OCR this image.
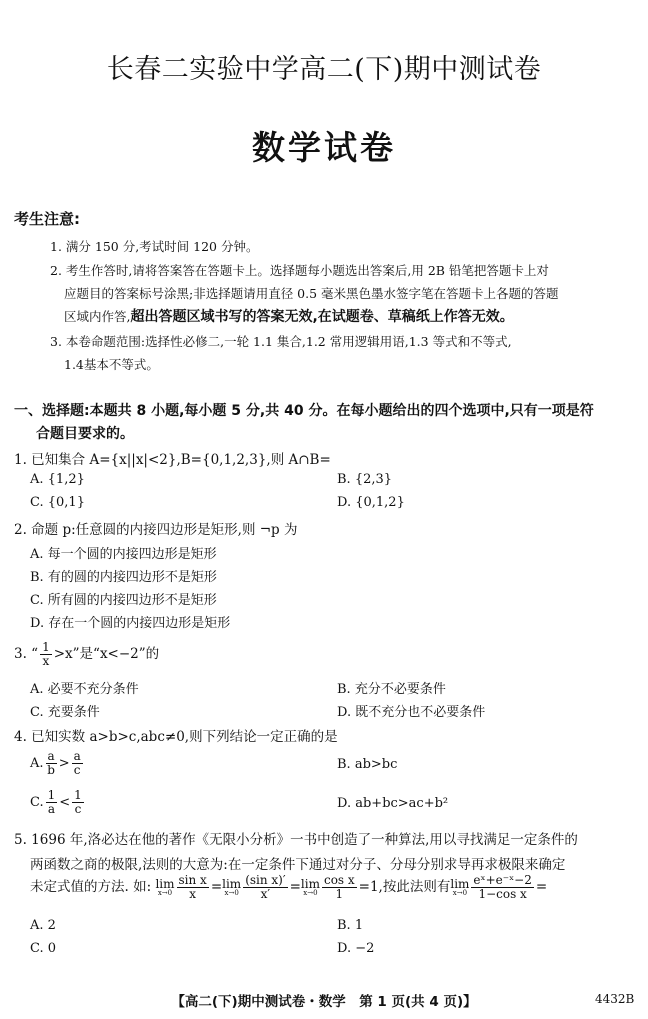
长春二实验中学高二(下)期中测试卷
数学试卷
考生注意:
1. 满分 150 分,考试时间 120 分钟。
2. 考生作答时,请将答案答在答题卡上。选择题每小题选出答案后,用 2B 铅笔把答题卡上对
应题目的答案标号涂黑;非选择题请用直径 0.5 毫米黑色墨水签字笔在答题卡上各题的答题
区域内作答,超出答题区域书写的答案无效,在试题卷、草稿纸上作答无效。
3. 本卷命题范围:选择性必修二,一轮 1.1 集合,1.2 常用逻辑用语,1.3 等式和不等式,
1.4基本不等式。
一、选择题:本题共 8 小题,每小题 5 分,共 40 分。在每小题给出的四个选项中,只有一项是符
合题目要求的。
1. 已知集合 A={x||x|<2},B={0,1,2,3},则 A∩B=
A. {1,2}	B. {2,3}
C. {0,1}	D. {0,1,2}
2. 命题 p:任意圆的内接四边形是矩形,则 ¬p 为
A. 每一个圆的内接四边形是矩形
B. 有的圆的内接四边形不是矩形
C. 所有圆的内接四边形不是矩形
D. 存在一个圆的内接四边形是矩形
3. “ $\frac{1}{x} >x$”是“x<−2”的
A. 必要不充分条件	B. 充分不必要条件
C. 充要条件	D. 既不充分也不必要条件
4. 已知实数 a>b>c,abc≠0,则下列结论一定正确的是
A. $\frac{a}{b} > \frac{a}{c}$	B. ab>bc
C. $\frac{1}{a} < \frac{1}{c}$	D. ab+bc>ac+b²
5. 1696 年,洛必达在他的著作《无限小分析》一书中创造了一种算法,用以寻找满足一定条件的
两函数之商的极限,法则的大意为:在一定条件下通过对分子、分母分别求导再求极限来确定
未定式值的方法. 如: lim
$x\to 0 \frac{\text{sin x}}{x} =\lim$
$x\to 0 \frac{\text{(sin x)′}}{x'} =\lim$
$x\to 0 \frac{\text{cos x}}{1} =1$,按此法则有lim
$x\to 0 \frac{\text{eˣ+e⁻ˣ−2}}{\text{1−cos x}}$ =
A. 2	B. 1
C. 0	D. −2
【高二(下)期中测试卷・数学　第 1 页(共 4 页)】	4432B
